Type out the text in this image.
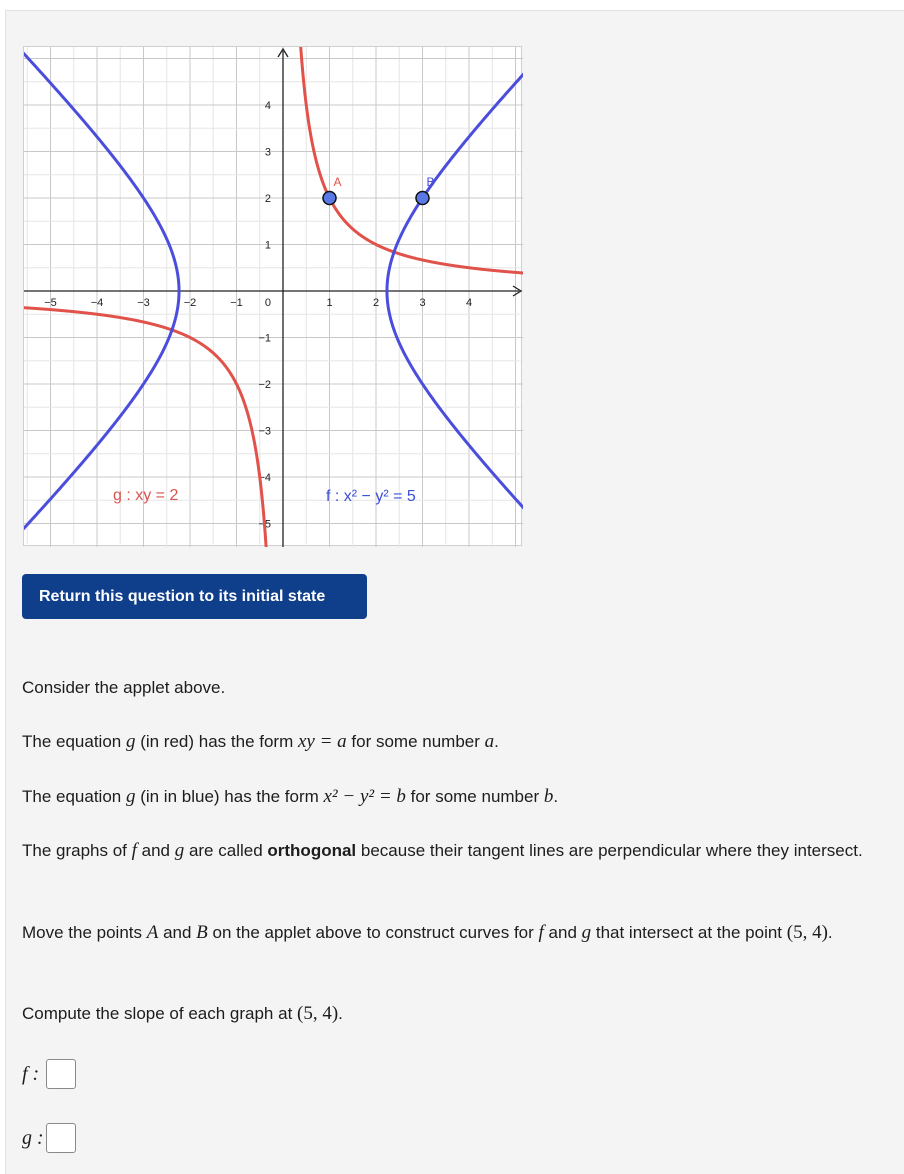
−5	−4	−3	−2	−1	1	2	3	4
4
3
2
1
0
−1
−2
−3
−4
−5
A	B
g : xy = 2	f : x² − y² = 5
Return this question to its initial state

Consider the applet above.

The equation g (in red) has the form xy = a for some number a.

The equation g (in in blue) has the form x² − y² = b for some number b.

The graphs of f and g are called orthogonal because their tangent lines are perpendicular where they intersect.

Move the points A and B on the applet above to construct curves for f and g that intersect at the point (5, 4).

Compute the slope of each graph at (5, 4).

f :
g :
